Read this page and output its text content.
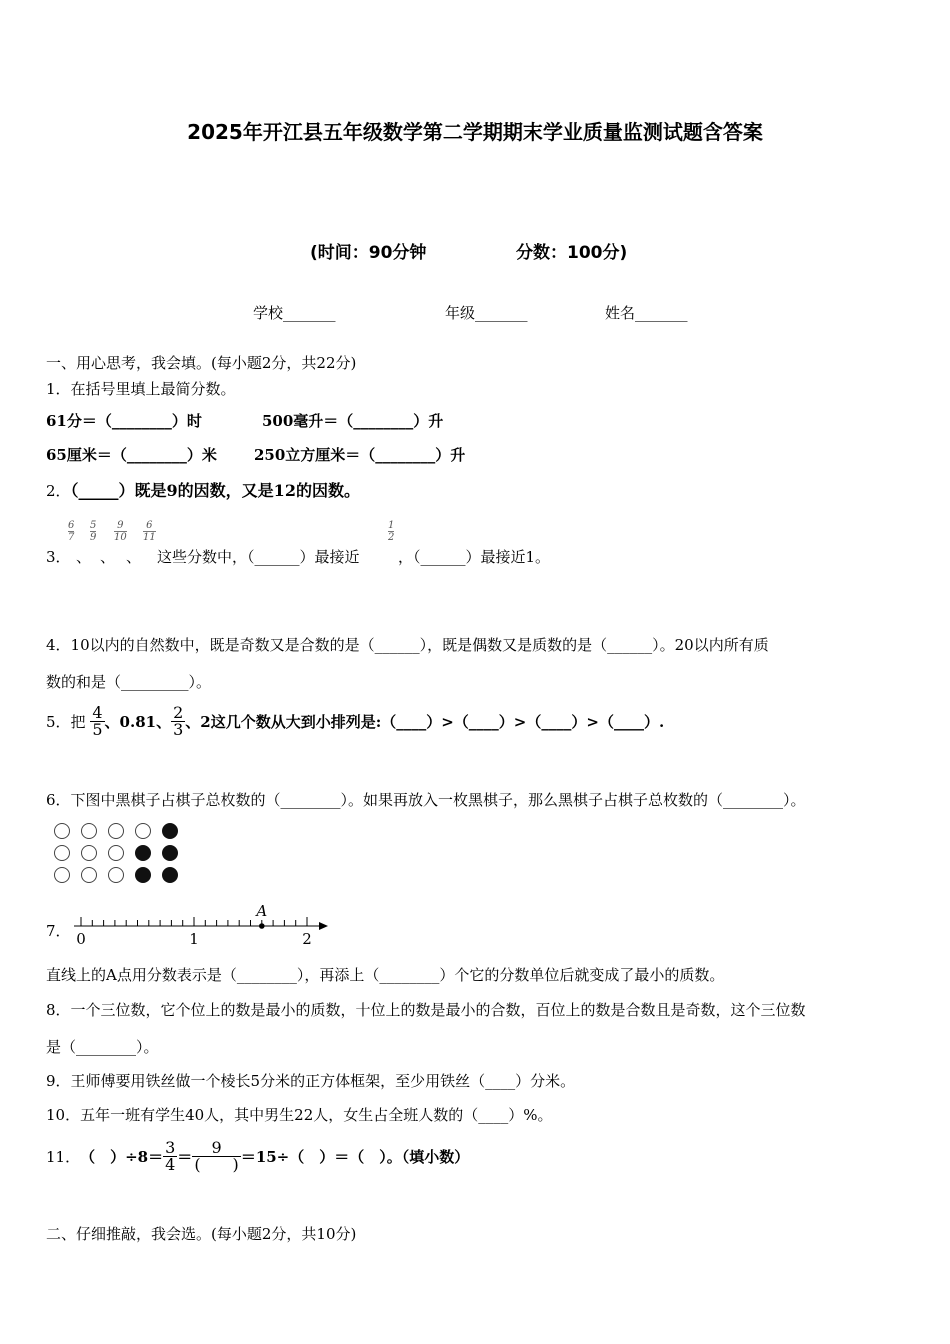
2025年开江县五年级数学第二学期期末学业质量监测试题含答案
(时间：90分钟	分数：100分)
学校_______	年级_______	姓名_______
一、用心思考，我会填。(每小题2分，共22分)
1．在括号里填上最简分数。
61分＝（________）时	500毫升＝（________）升
65厘米＝（________）米 250立方厘米＝（________）升
2．（_____）既是9的因数，又是12的因数。
$\frac{6}{7} \frac{5}{9} \frac{9}{10} \frac{6}{11}$	$\frac{1}{2}$
3． 、 、 、 这些分数中，（______）最接近	，（______）最接近1。
4．10以内的自然数中，既是奇数又是合数的是（______），既是偶数又是质数的是（______）。20以内所有质
数的和是（_________）。
5．把 $\frac{4}{5}$ 、0.81、 $\frac{2}{3}$ 、2这几个数从大到小排列是:（____）>（____）>（____）>（____）.
6．下图中黑棋子占棋子总枚数的（________）。如果再放入一枚黑棋子，那么黑棋子占棋子总枚数的（________）。
7．
A
0	1	2
直线上的A点用分数表示是（________），再添上（________）个它的分数单位后就变成了最小的质数。
8．一个三位数，它个位上的数是最小的质数，十位上的数是最小的合数，百位上的数是合数且是奇数，这个三位数
是（________）。
9．王师傅要用铁丝做一个棱长5分米的正方体框架，至少用铁丝（____）分米。
10．五年一班有学生40人，其中男生22人，女生占全班人数的（____）%。
11．（　）$\div 8= \frac{3}{4} = \frac{9}{( )} =15\div$（　）＝（　）。（填小数）
二、仔细推敲，我会选。(每小题2分，共10分)
